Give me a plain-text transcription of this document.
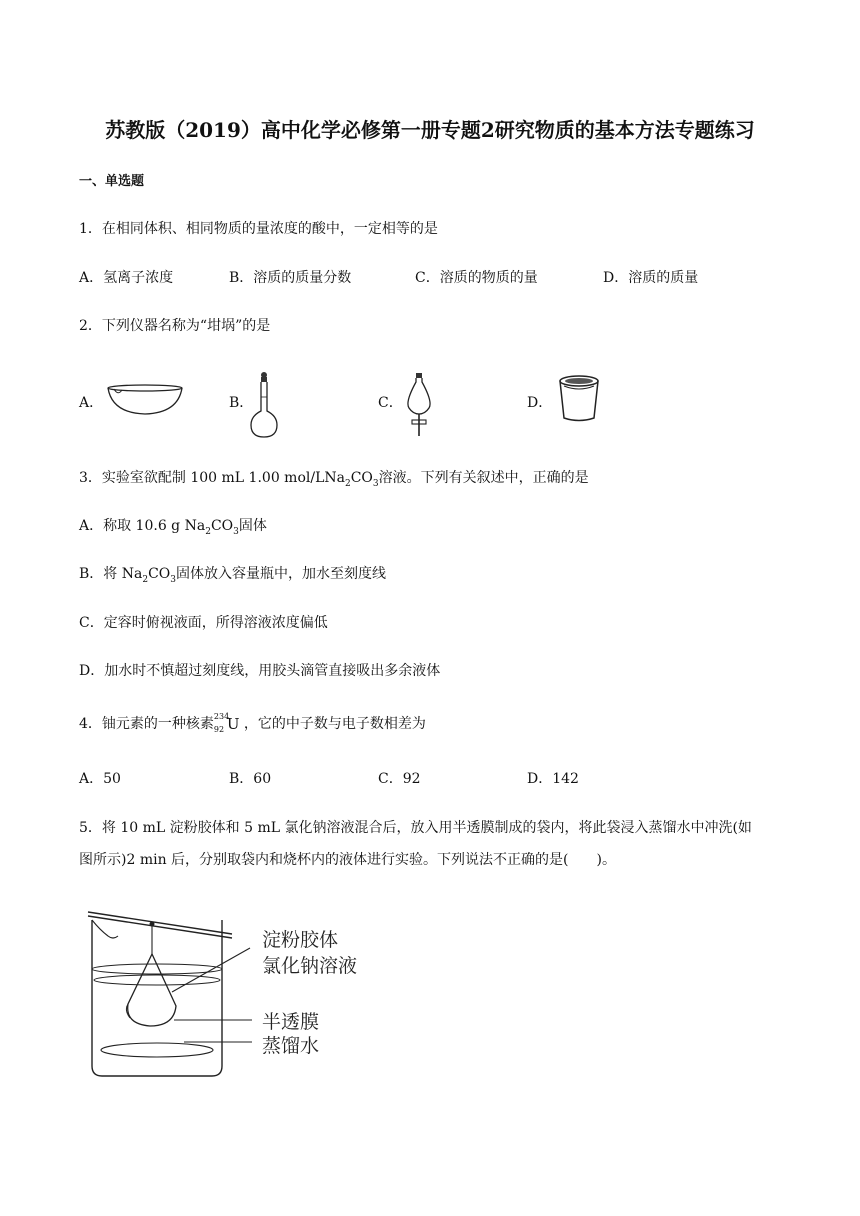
苏教版（2019）高中化学必修第一册专题2研究物质的基本方法专题练习
一、单选题
1．在相同体积、相同物质的量浓度的酸中，一定相等的是
A．氢离子浓度	B．溶质的质量分数	C．溶质的物质的量	D．溶质的质量
2．下列仪器名称为“坩埚”的是
A．	B．	C．	D．
3．实验室欲配制 100 mL 1.00 mol/$LNa_2CO_3$溶液。下列有关叙述中，正确的是
A．称取 10.6 g $Na_2CO_3$固体
B．将 $Na_2CO_3$固体放入容量瓶中，加水至刻度线
C．定容时俯视液面，所得溶液浓度偏低
D．加水时不慎超过刻度线，用胶头滴管直接吸出多余液体
4．铀元素的一种核素 234
92 U ，它的中子数与电子数相差为
A．50	B．60	C．92	D．142
5．将 10 mL 淀粉胶体和 5 mL 氯化钠溶液混合后，放入用半透膜制成的袋内，将此袋浸入蒸馏水中冲洗(如
图所示)2 min 后，分别取袋内和烧杯内的液体进行实验。下列说法不正确的是(　　)。
淀粉胶体
氯化钠溶液
半透膜
蒸馏水
